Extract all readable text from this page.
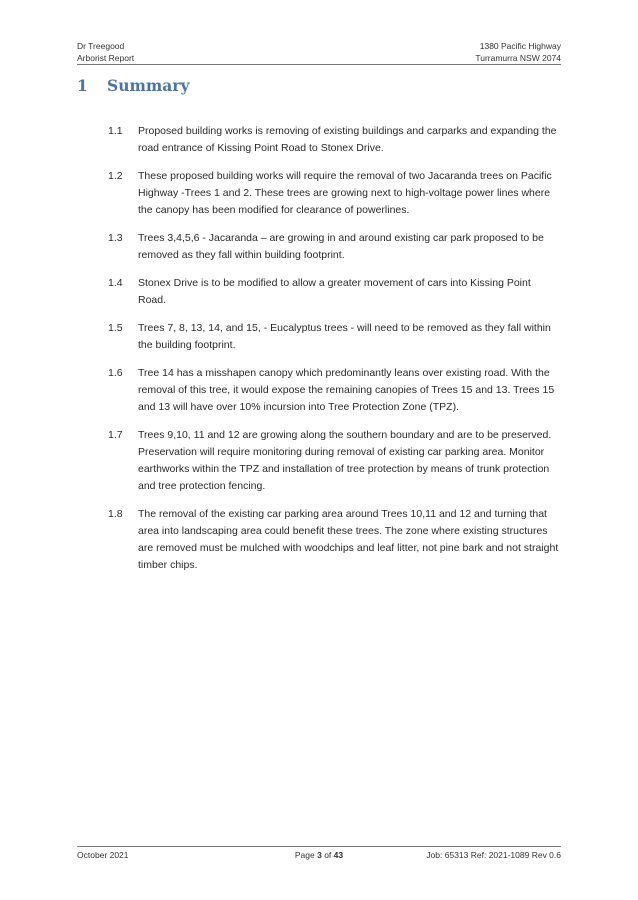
Dr Treegood
Arborist Report
1380 Pacific Highway
Turramurra NSW 2074
1 Summary
1.1	Proposed building works is removing of existing buildings and carparks and expanding the road entrance of Kissing Point Road to Stonex Drive.
1.2	These proposed building works will require the removal of two Jacaranda trees on Pacific Highway -Trees 1 and 2. These trees are growing next to high-voltage power lines where the canopy has been modified for clearance of powerlines.
1.3	Trees 3,4,5,6 - Jacaranda – are growing in and around existing car park proposed to be removed as they fall within building footprint.
1.4	Stonex Drive is to be modified to allow a greater movement of cars into Kissing Point Road.
1.5	Trees 7, 8, 13, 14, and 15, - Eucalyptus trees - will need to be removed as they fall within the building footprint.
1.6	Tree 14 has a misshapen canopy which predominantly leans over existing road. With the removal of this tree, it would expose the remaining canopies of Trees 15 and 13. Trees 15 and 13 will have over 10% incursion into Tree Protection Zone (TPZ).
1.7	Trees 9,10, 11 and 12 are growing along the southern boundary and are to be preserved. Preservation will require monitoring during removal of existing car parking area. Monitor earthworks within the TPZ and installation of tree protection by means of trunk protection and tree protection fencing.
1.8	The removal of the existing car parking area around Trees 10,11 and 12 and turning that area into landscaping area could benefit these trees. The zone where existing structures are removed must be mulched with woodchips and leaf litter, not pine bark and not straight timber chips.
October 2021	Page 3 of 43	Job: 65313 Ref: 2021-1089 Rev 0.6
